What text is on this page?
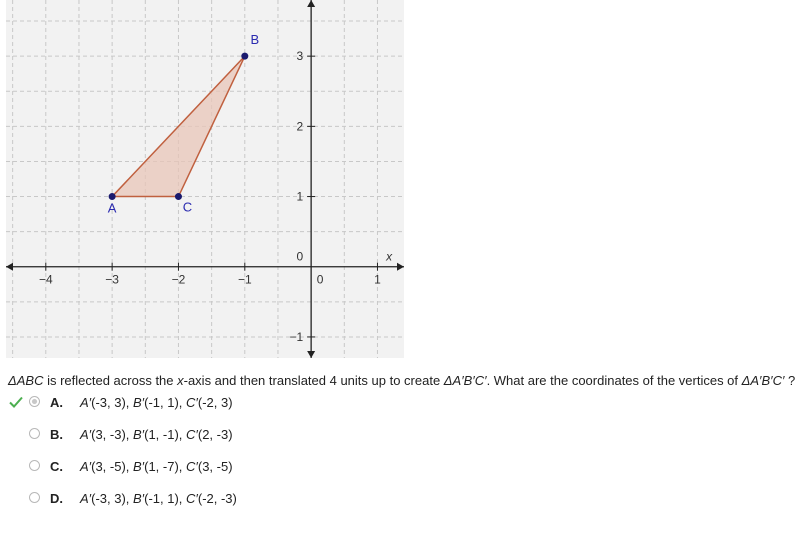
−4	−3	−2	−1	0	1
−1
0
1
2
3
x
A
B
C
ΔABC is reflected across the x-axis and then translated 4 units up to create ΔA′B′C′. What are the coordinates of the vertices of ΔA′B′C′ ?
A. A′(-3, 3), B′(-1, 1), C′(-2, 3)
B. A′(3, -3), B′(1, -1), C′(2, -3)
C. A′(3, -5), B′(1, -7), C′(3, -5)
D. A′(-3, 3), B′(-1, 1), C′(-2, -3)
